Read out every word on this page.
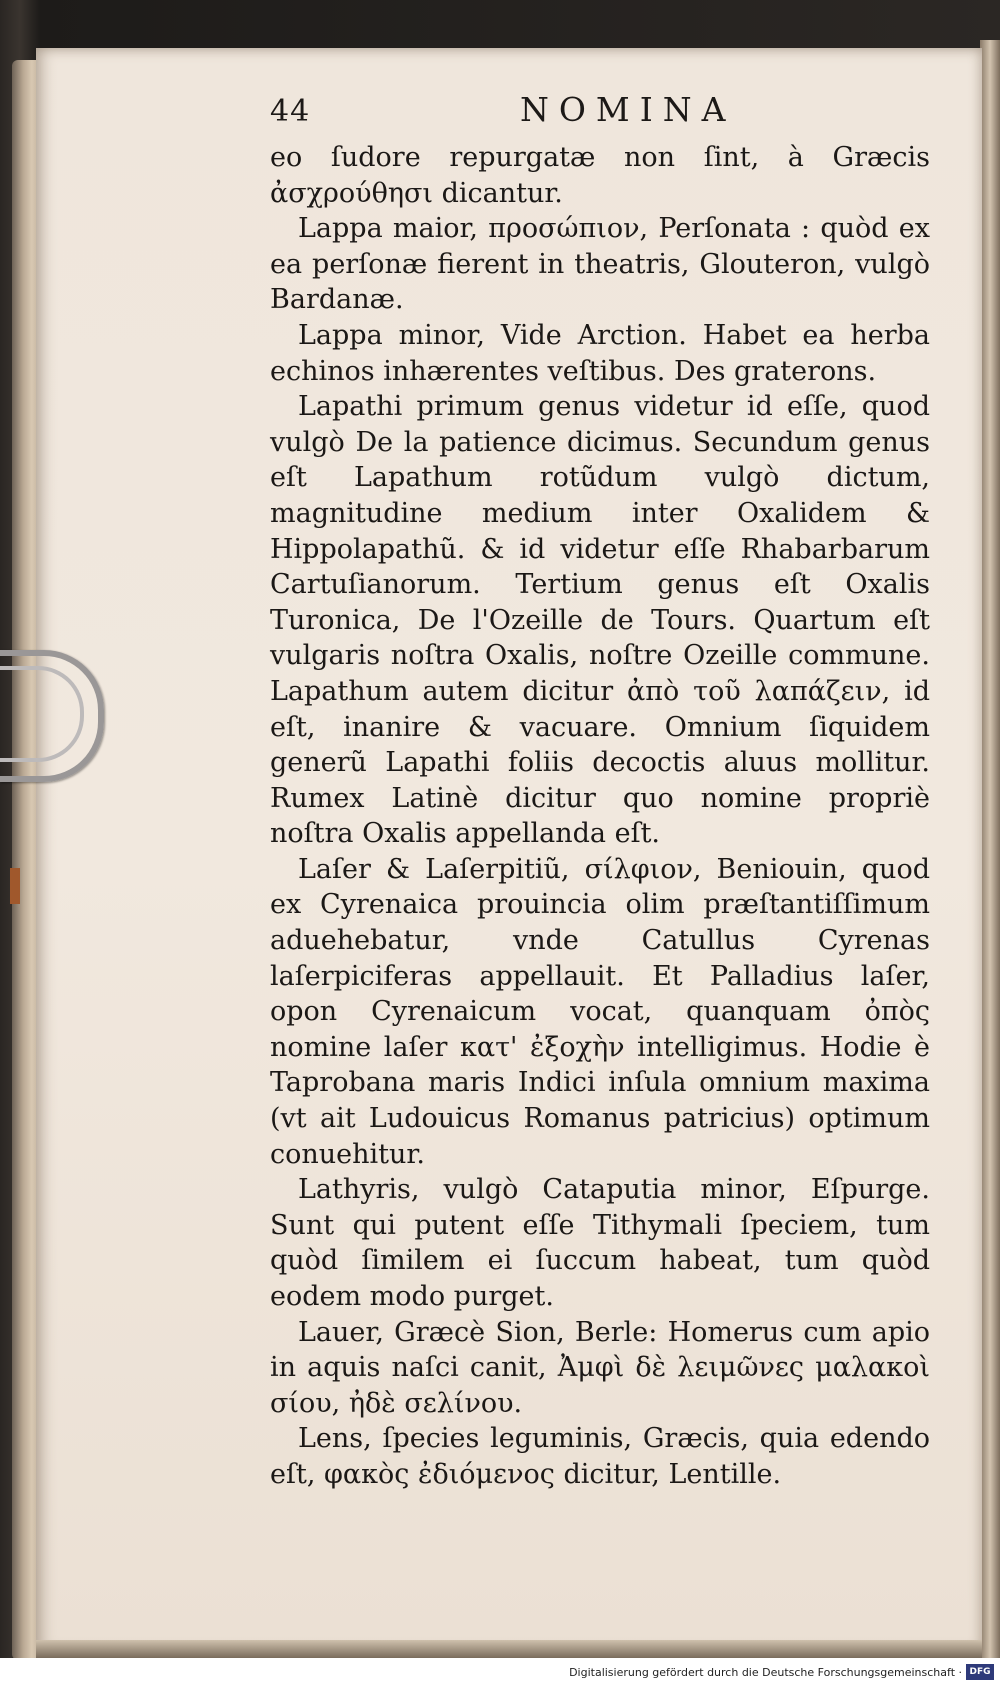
44	NOMINA

eo ſudore repurgatæ non ſint, à Græcis ἀσχρούθησι dicantur.

Lappa maior, προσώπιον, Perſonata : quòd ex ea perſonæ fierent in theatris, Glouteron, vulgò Bardanæ.

Lappa minor, Vide Arction. Habet ea herba echinos inhærentes veſtibus. Des graterons.

Lapathi primum genus videtur id eſſe, quod vulgò De la patience dicimus. Secundum genus eſt Lapathum rotũdum vulgò dictum, magnitudine medium inter Oxalidem & Hippolapathũ. & id videtur eſſe Rhabarbarum Cartuſianorum. Tertium genus eſt Oxalis Turonica, De l'Ozeille de Tours. Quartum eſt vulgaris noſtra Oxalis, noſtre Ozeille commune. Lapathum autem dicitur ἀπὸ τοῦ λαπάζειν, id eſt, inanire & vacuare. Omnium ſiquidem generũ Lapathi foliis decoctis aluus mollitur. Rumex Latinè dicitur quo nomine propriè noſtra Oxalis appellanda eſt.

Laſer & Laſerpitiũ, σίλφιον, Beniouin, quod ex Cyrenaica prouincia olim præſtantiſſimum aduehebatur, vnde Catullus Cyrenas laſerpiciferas appellauit. Et Palladius laſer, opon Cyrenaicum vocat, quanquam ὀπὸς nomine laſer κατ' ἐξοχὴν intelligimus. Hodie è Taprobana maris Indici inſula omnium maxima (vt ait Ludouicus Romanus patricius) optimum conuehitur.

Lathyris, vulgò Cataputia minor, Eſpurge. Sunt qui putent eſſe Tithymali ſpeciem, tum quòd ſimilem ei ſuccum habeat, tum quòd eodem modo purget.

Lauer, Græcè Sion, Berle: Homerus cum apio in aquis naſci canit, Ἀμφὶ δὲ λειμῶνες μαλακοὶ σίου, ἠδὲ σελίνου.

Lens, ſpecies leguminis, Græcis, quia edendo eſt, φακὸς ἐδιόμενος dicitur, Lentille.

Digitalisierung gefördert durch die Deutsche Forschungsgemeinschaft · DFG
